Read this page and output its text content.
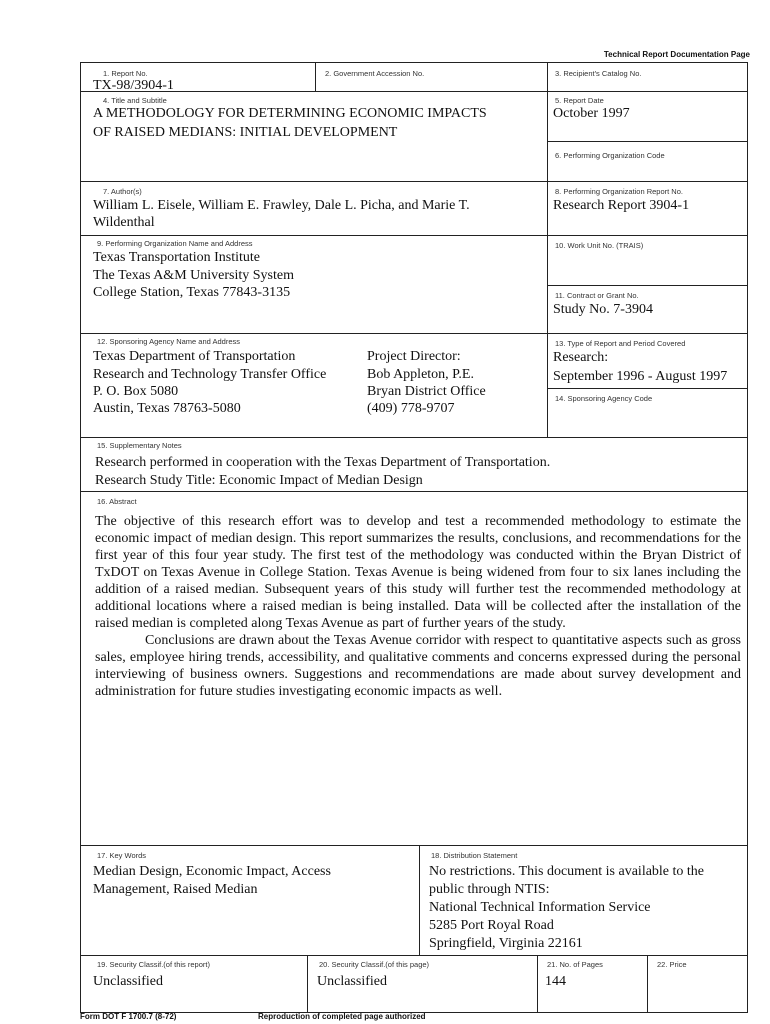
Technical Report Documentation Page
1. Report No.
TX-98/3904-1
2. Government Accession No.	3. Recipient's Catalog No.
4. Title and Subtitle
A METHODOLOGY FOR DETERMINING ECONOMIC IMPACTS
OF RAISED MEDIANS: INITIAL DEVELOPMENT
5. Report Date
October 1997
6. Performing Organization Code
7. Author(s)
William L. Eisele, William E. Frawley, Dale L. Picha, and Marie T.
Wildenthal
8. Performing Organization Report No.
Research Report 3904-1
9. Performing Organization Name and Address
Texas Transportation Institute
The Texas A&M University System
College Station, Texas 77843-3135
10. Work Unit No. (TRAIS)
11. Contract or Grant No.
Study No. 7-3904
12. Sponsoring Agency Name and Address
Texas Department of Transportation
Research and Technology Transfer Office
P. O. Box 5080
Austin, Texas 78763-5080
Project Director:
Bob Appleton, P.E.
Bryan District Office
(409) 778-9707
13. Type of Report and Period Covered
Research:
September 1996 - August 1997
14. Sponsoring Agency Code
15. Supplementary Notes
Research performed in cooperation with the Texas Department of Transportation.
Research Study Title: Economic Impact of Median Design
16. Abstract

The objective of this research effort was to develop and test a recommended methodology to estimate the economic impact of median design. This report summarizes the results, conclusions, and recommendations for the first year of this four year study. The first test of the methodology was conducted within the Bryan District of TxDOT on Texas Avenue in College Station. Texas Avenue is being widened from four to six lanes including the addition of a raised median. Subsequent years of this study will further test the recommended methodology at additional locations where a raised median is being installed. Data will be collected after the installation of the raised median is completed along Texas Avenue as part of further years of the study.

Conclusions are drawn about the Texas Avenue corridor with respect to quantitative aspects such as gross sales, employee hiring trends, accessibility, and qualitative comments and concerns expressed during the personal interviewing of business owners. Suggestions and recommendations are made about survey development and administration for future studies investigating economic impacts as well.

17. Key Words
Median Design, Economic Impact, Access
Management, Raised Median
18. Distribution Statement
No restrictions. This document is available to the
public through NTIS:
National Technical Information Service
5285 Port Royal Road
Springfield, Virginia 22161
19. Security Classif.(of this report)
Unclassified
20. Security Classif.(of this page)
Unclassified
21. No. of Pages
144
22. Price
Form DOT F 1700.7 (8-72)	Reproduction of completed page authorized
